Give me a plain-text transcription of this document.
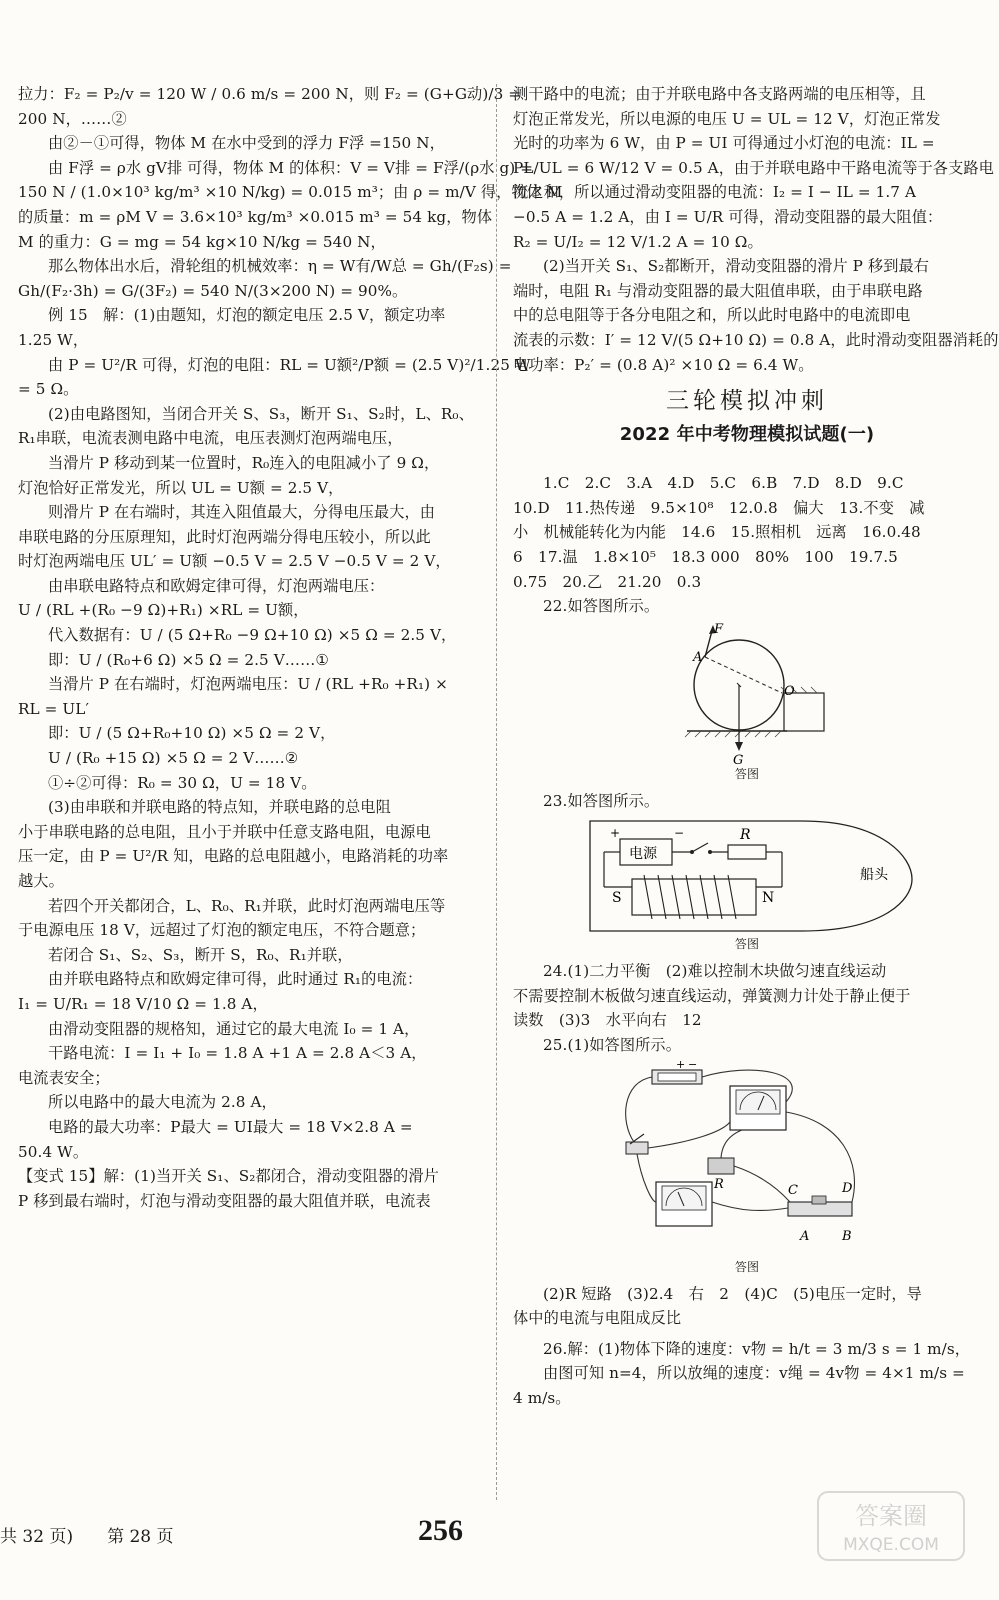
拉力：F₂ = P₂/v = 120 W / 0.6 m/s = 200 N，则 F₂ = (G+G动)/3 =
200 N，……②
由②－①可得，物体 M 在水中受到的浮力 F浮 =150 N，
由 F浮 = ρ水 gV排 可得，物体 M 的体积：V = V排 = F浮/(ρ水 g) =
150 N / (1.0×10³ kg/m³ ×10 N/kg) = 0.015 m³；由 ρ = m/V 得，物体 M
的质量：m = ρM V = 3.6×10³ kg/m³ ×0.015 m³ = 54 kg，物体
M 的重力：G = mg = 54 kg×10 N/kg = 540 N，
那么物体出水后，滑轮组的机械效率：η = W有/W总 = Gh/(F₂s) =
Gh/(F₂·3h) = G/(3F₂) = 540 N/(3×200 N) = 90%。
例 15　解：(1)由题知，灯泡的额定电压 2.5 V，额定功率
1.25 W，
由 P = U²/R 可得，灯泡的电阻：RL = U额²/P额 = (2.5 V)²/1.25 W
= 5 Ω。
(2)由电路图知，当闭合开关 S、S₃，断开 S₁、S₂时，L、R₀、
R₁串联，电流表测电路中电流，电压表测灯泡两端电压，
当滑片 P 移动到某一位置时，R₀连入的电阻减小了 9 Ω，
灯泡恰好正常发光，所以 UL = U额 = 2.5 V，
则滑片 P 在右端时，其连入阻值最大，分得电压最大，由
串联电路的分压原理知，此时灯泡两端分得电压较小，所以此
时灯泡两端电压 UL′ = U额 −0.5 V = 2.5 V −0.5 V = 2 V，
由串联电路特点和欧姆定律可得，灯泡两端电压：
U / (RL +(R₀ −9 Ω)+R₁) ×RL = U额，
代入数据有：U / (5 Ω+R₀ −9 Ω+10 Ω) ×5 Ω = 2.5 V，
即：U / (R₀+6 Ω) ×5 Ω = 2.5 V……①
当滑片 P 在右端时，灯泡两端电压：U / (RL +R₀ +R₁) ×
RL = UL′
即：U / (5 Ω+R₀+10 Ω) ×5 Ω = 2 V，
U / (R₀ +15 Ω) ×5 Ω = 2 V……②
①÷②可得：R₀ = 30 Ω，U = 18 V。
(3)由串联和并联电路的特点知，并联电路的总电阻
小于串联电路的总电阻，且小于并联中任意支路电阻，电源电
压一定，由 P = U²/R 知，电路的总电阻越小，电路消耗的功率
越大。
若四个开关都闭合，L、R₀、R₁并联，此时灯泡两端电压等
于电源电压 18 V，远超过了灯泡的额定电压，不符合题意；
若闭合 S₁、S₂、S₃，断开 S，R₀、R₁并联，
由并联电路特点和欧姆定律可得，此时通过 R₁的电流：
I₁ = U/R₁ = 18 V/10 Ω = 1.8 A，
由滑动变阻器的规格知，通过它的最大电流 I₀ = 1 A，
干路电流：I = I₁ + I₀ = 1.8 A +1 A = 2.8 A＜3 A，
电流表安全；
所以电路中的最大电流为 2.8 A，
电路的最大功率：P最大 = UI最大 = 18 V×2.8 A =
50.4 W。
【变式 15】解：(1)当开关 S₁、S₂都闭合，滑动变阻器的滑片
P 移到最右端时，灯泡与滑动变阻器的最大阻值并联，电流表
测干路中的电流；由于并联电路中各支路两端的电压相等，且
灯泡正常发光，所以电源的电压 U = UL = 12 V，灯泡正常发
光时的功率为 6 W，由 P = UI 可得通过小灯泡的电流：IL =
PL/UL = 6 W/12 V = 0.5 A，由于并联电路中干路电流等于各支路电
流之和，所以通过滑动变阻器的电流：I₂ = I − IL = 1.7 A
−0.5 A = 1.2 A，由 I = U/R 可得，滑动变阻器的最大阻值：
R₂ = U/I₂ = 12 V/1.2 A = 10 Ω。
(2)当开关 S₁、S₂都断开，滑动变阻器的滑片 P 移到最右
端时，电阻 R₁ 与滑动变阻器的最大阻值串联，由于串联电路
中的总电阻等于各分电阻之和，所以此时电路中的电流即电
流表的示数：I′ = 12 V/(5 Ω+10 Ω) = 0.8 A，此时滑动变阻器消耗的
电功率：P₂′ = (0.8 A)² ×10 Ω = 6.4 W。
三轮模拟冲刺
2022 年中考物理模拟试题(一)
1.C　2.C　3.A　4.D　5.C　6.B　7.D　8.D　9.C
10.D　11.热传递　9.5×10⁸　12.0.8　偏大　13.不变　减
小　机械能转化为内能　14.6　15.照相机　远离　16.0.48
6　17.温　1.8×10⁵　18.3 000　80%　100　19.7.5
0.75　20.乙　21.20　0.3
22.如答图所示。
F
A
O
G
答图
23.如答图所示。
电源
+	−	R
S	N
船头
答图
24.(1)二力平衡　(2)难以控制木块做匀速直线运动
不需要控制木板做匀速直线运动，弹簧测力计处于静止便于
读数　(3)3　水平向右　12
25.(1)如答图所示。
+ −
R	C	D
A	B
答图
(2)R 短路　(3)2.4　右　2　(4)C　(5)电压一定时，导
体中的电流与电阻成反比
26.解：(1)物体下降的速度：v物 = h/t = 3 m/3 s = 1 m/s，
由图可知 n=4，所以放绳的速度：v绳 = 4v物 = 4×1 m/s =
4 m/s。
共 32 页)　　第 28 页	256	答案圈
MXQE.COM
